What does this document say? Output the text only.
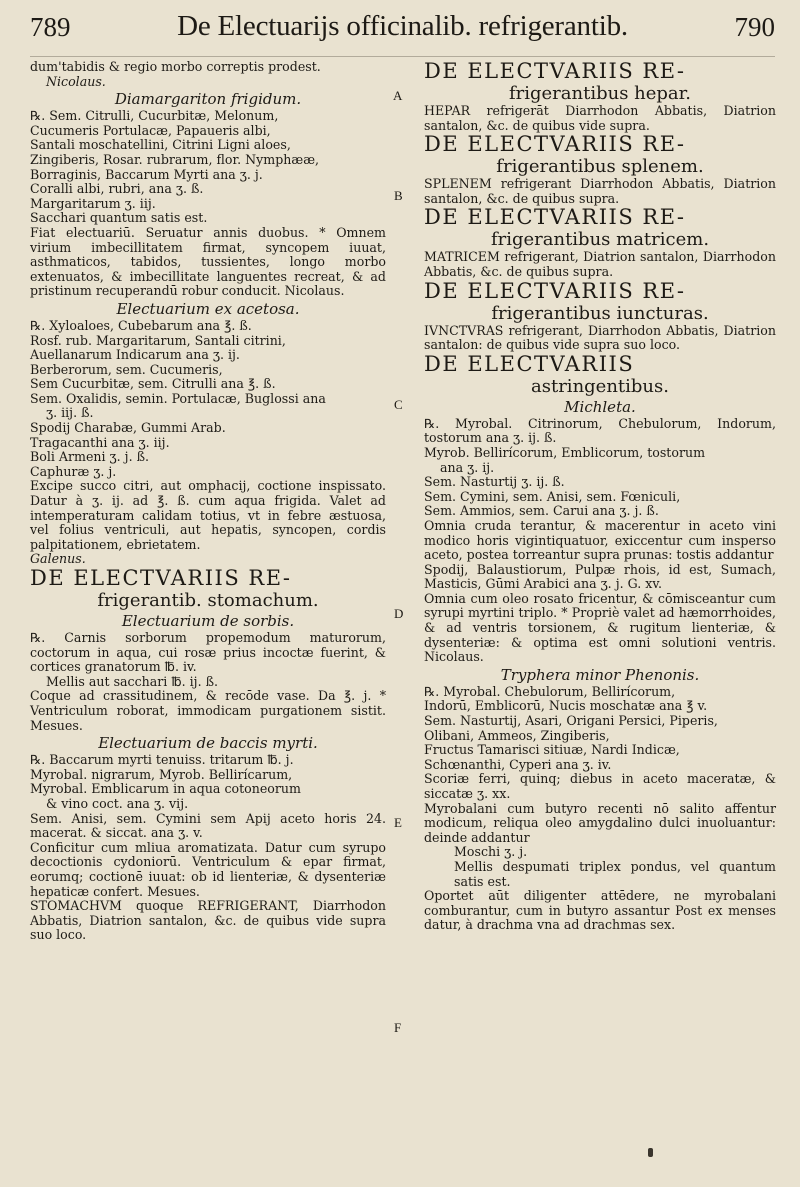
789	De Electuarijs officinalib. refrigerantib.	790
dum'tabidis & regio morbo correptis prodest.
Nicolaus.
Diamargariton frigidum.
℞. Sem. Citrulli, Cucurbitæ, Melonum,
Cucumeris Portulacæ, Papaueris albi,
Santali moschatellini, Citrini Ligni aloes,
Zingiberis, Rosar. rubrarum, flor. Nymphææ,
Borraginis, Baccarum Myrti ana ʒ. j.
Coralli albi, rubri, ana ʒ. ß.
Margaritarum ʒ. iij.
Sacchari quantum satis est.
Fiat electuariū. Seruatur annis duobus. * Omnem virium imbecillitatem firmat, syncopem iuuat, asthmaticos, tabidos, tussientes, longo morbo extenuatos, & imbecillitate languentes recreat, & ad pristinum recuperandū robur conducit. Nicolaus.
Electuarium ex acetosa.
℞. Xyloaloes, Cubebarum ana ℥. ß.
Rosf. rub. Margaritarum, Santali citrini,
Auellanarum Indicarum ana ʒ. ij.
Berberorum, sem. Cucumeris,
Sem Cucurbitæ, sem. Citrulli ana ℥. ß.
Sem. Oxalidis, semin. Portulacæ, Buglossi ana
ʒ. iij. ß.
Spodij Charabæ, Gummi Arab.
Tragacanthi ana ʒ. iij.
Boli Armeni ʒ. j. ß.
Caphuræ ʒ. j.
Excipe succo citri, aut omphacij, coctione inspissato. Datur à ʒ. ij. ad ℥. ß. cum aqua frigida. Valet ad intemperaturam calidam totius, vt in febre æstuosa, vel folius ventriculi, aut hepatis, syncopen, cordis palpitationem, ebrietatem.
Galenus.
DE ELECTVARIIS RE-
frigerantib. stomachum.
Electuarium de sorbis.
℞. Carnis sorborum propemodum maturorum, coctorum in aqua, cui rosæ prius incoctæ fuerint, & cortices granatorum ℔. iv.
Mellis aut sacchari ℔. ij. ß.
Coque ad crassitudinem, & recōde vase. Da ℥. j. * Ventriculum roborat, immodicam purgationem sistit. Mesues.
Electuarium de baccis myrti.
℞. Baccarum myrti tenuiss. tritarum ℔. j.
Myrobal. nigrarum, Myrob. Bellirícarum,
Myrobal. Emblicarum in aqua cotoneorum
& vino coct. ana ʒ. vij.
Sem. Anisi, sem. Cymini sem Apij aceto horis 24. macerat. & siccat. ana ʒ. v.
Conficitur cum mliua aromatizata. Datur cum syrupo decoctionis cydoniorū. Ventriculum & epar firmat, eorumq; coctionē iuuat: ob id lienteriæ, & dysenteriæ hepaticæ confert. Mesues.
STOMACHVM quoque REFRIGERANT, Diarrhodon Abbatis, Diatrion santalon, &c. de quibus vide supra suo loco.
DE ELECTVARIIS RE-
frigerantibus hepar.
HEPAR refrigerāt Diarrhodon Abbatis, Diatrion santalon, &c. de quibus vide supra.
DE ELECTVARIIS RE-
frigerantibus splenem.
SPLENEM refrigerant Diarrhodon Abbatis, Diatrion santalon, &c. de quibus supra.
DE ELECTVARIIS RE-
frigerantibus matricem.
MATRICEM refrigerant, Diatrion santalon, Diarrhodon Abbatis, &c. de quibus supra.
DE ELECTVARIIS RE-
frigerantibus iuncturas.
IVNCTVRAS refrigerant, Diarrhodon Abbatis, Diatrion santalon: de quibus vide supra suo loco.
DE ELECTVARIIS
astringentibus.
Michleta.
℞. Myrobal. Citrinorum, Chebulorum, Indorum, tostorum ana ʒ. ij. ß.
Myrob. Bellirícorum, Emblicorum, tostorum
ana ʒ. ij.
Sem. Nasturtij ʒ. ij. ß.
Sem. Cymini, sem. Anisi, sem. Fœniculi,
Sem. Ammios, sem. Carui ana ʒ. j. ß.
Omnia cruda terantur, & macerentur in aceto vini modico horis vigintiquatuor, exiccentur cum insperso aceto, postea torreantur supra prunas: tostis addantur
Spodij, Balaustiorum, Pulpæ rhois, id est, Sumach, Masticis, Gūmi Arabici ana ʒ. j. G. xv.
Omnia cum oleo rosato fricentur, & cōmisceantur cum syrupi myrtini triplo. * Propriè valet ad hæmorrhoides, & ad ventris torsionem, & rugitum lienteriæ, & dysenteriæ: & optima est omni solutioni ventris. Nicolaus.
Tryphera minor Phenonis.
℞. Myrobal. Chebulorum, Bellirícorum,
Indorū, Emblicorū, Nucis moschatæ ana ℥ v.
Sem. Nasturtij, Asari, Origani Persici, Piperis,
Olibani, Ammeos, Zingiberis,
Fructus Tamarisci sitiuæ, Nardi Indicæ,
Schœnanthi, Cyperi ana ʒ. iv.
Scoriæ ferri, quinq; diebus in aceto maceratæ, & siccatæ ʒ. xx.
Myrobalani cum butyro recenti nō salito affentur modicum, reliqua oleo amygdalino dulci inuoluantur: deinde addantur
Moschi ʒ. j.
Mellis despumati triplex pondus, vel quantum satis est.
Oportet aūt diligenter attēdere, ne myrobalani comburantur, cum in butyro assantur Post ex menses datur, à drachma vna ad drachmas sex.
A
B
C
D
E
F
